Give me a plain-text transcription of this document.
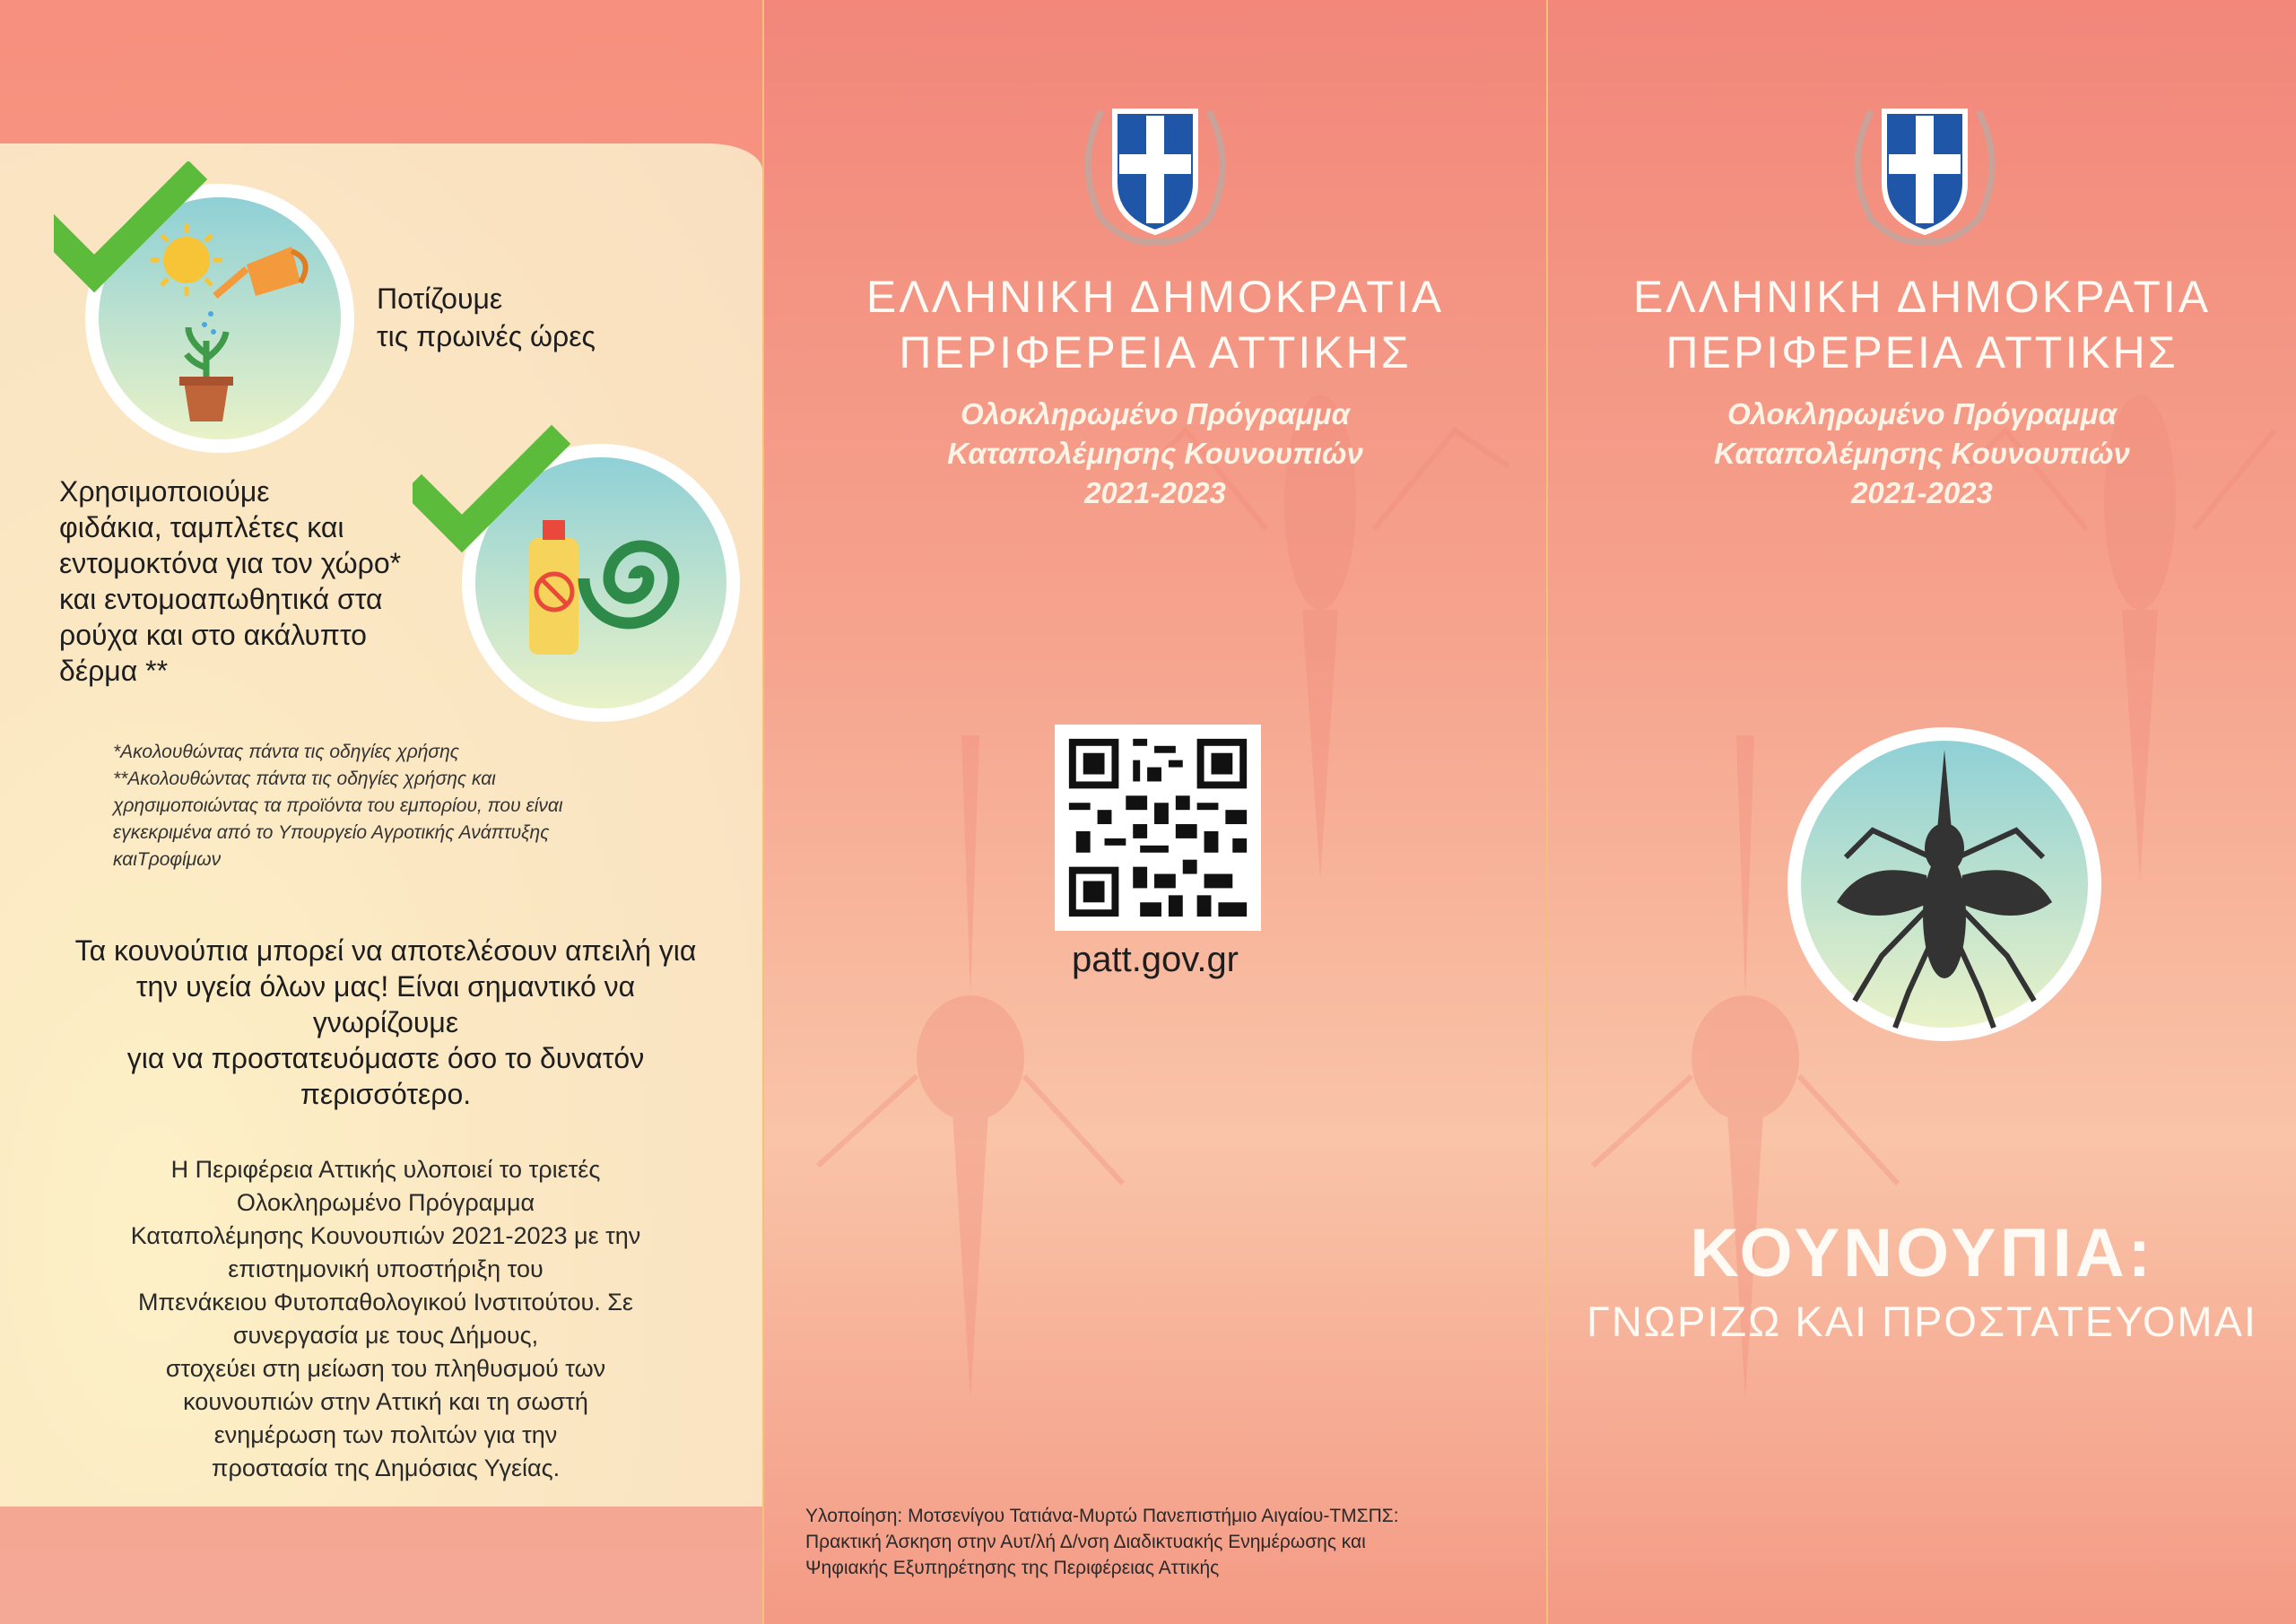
Ποτίζουμε
τις πρωινές ώρες
Χρησιμοποιούμε
φιδάκια, ταμπλέτες και
εντομοκτόνα για τον χώρο*
και εντομοαπωθητικά στα
ρούχα και στο ακάλυπτο
δέρμα **

*Ακολουθώντας πάντα τις οδηγίες χρήσης

**Ακολουθώντας πάντα τις οδηγίες χρήσης και

χρησιμοποιώντας τα προϊόντα του εμπορίου, που είναι

εγκεκριμένα από το Υπουργείο Αγροτικής Ανάπτυξης

καιΤροφίμων

Τα κουνούπια μπορεί να αποτελέσουν απειλή για

την υγεία όλων μας! Είναι σημαντικό να

γνωρίζουμε

για να προστατευόμαστε όσο το δυνατόν

περισσότερο.

Η Περιφέρεια Αττικής υλοποιεί το τριετές

Ολοκληρωμένο Πρόγραμμα

Καταπολέμησης Κουνουπιών 2021-2023 με την

επιστημονική υποστήριξη του

Μπενάκειου Φυτοπαθολογικού Ινστιτούτου. Σε

συνεργασία με τους Δήμους,

στοχεύει στη μείωση του πληθυσμού των

κουνουπιών στην Αττική και τη σωστή

ενημέρωση των πολιτών για την

προστασία της Δημόσιας Υγείας.

ΕΛΛΗΝΙΚΗ ΔΗΜΟΚΡΑΤΙΑ

ΠΕΡΙΦΕΡΕΙΑ ΑΤΤΙΚΗΣ

Ολοκληρωμένο Πρόγραμμα

Καταπολέμησης Κουνουπιών

2021-2023

patt.gov.gr

Υλοποίηση: Μοτσενίγου Τατιάνα-Μυρτώ Πανεπιστήμιο Αιγαίου-ΤΜΣΠΣ:

Πρακτική Άσκηση στην Αυτ/λή Δ/νση Διαδικτυακής Ενημέρωσης και

Ψηφιακής Εξυπηρέτησης της Περιφέρειας Αττικής

ΕΛΛΗΝΙΚΗ ΔΗΜΟΚΡΑΤΙΑ

ΠΕΡΙΦΕΡΕΙΑ ΑΤΤΙΚΗΣ

Ολοκληρωμένο Πρόγραμμα

Καταπολέμησης Κουνουπιών

2021-2023

ΚΟΥΝΟΥΠΙΑ:
ΓΝΩΡΙΖΩ ΚΑΙ ΠΡΟΣΤΑΤΕΥΟΜΑΙ
